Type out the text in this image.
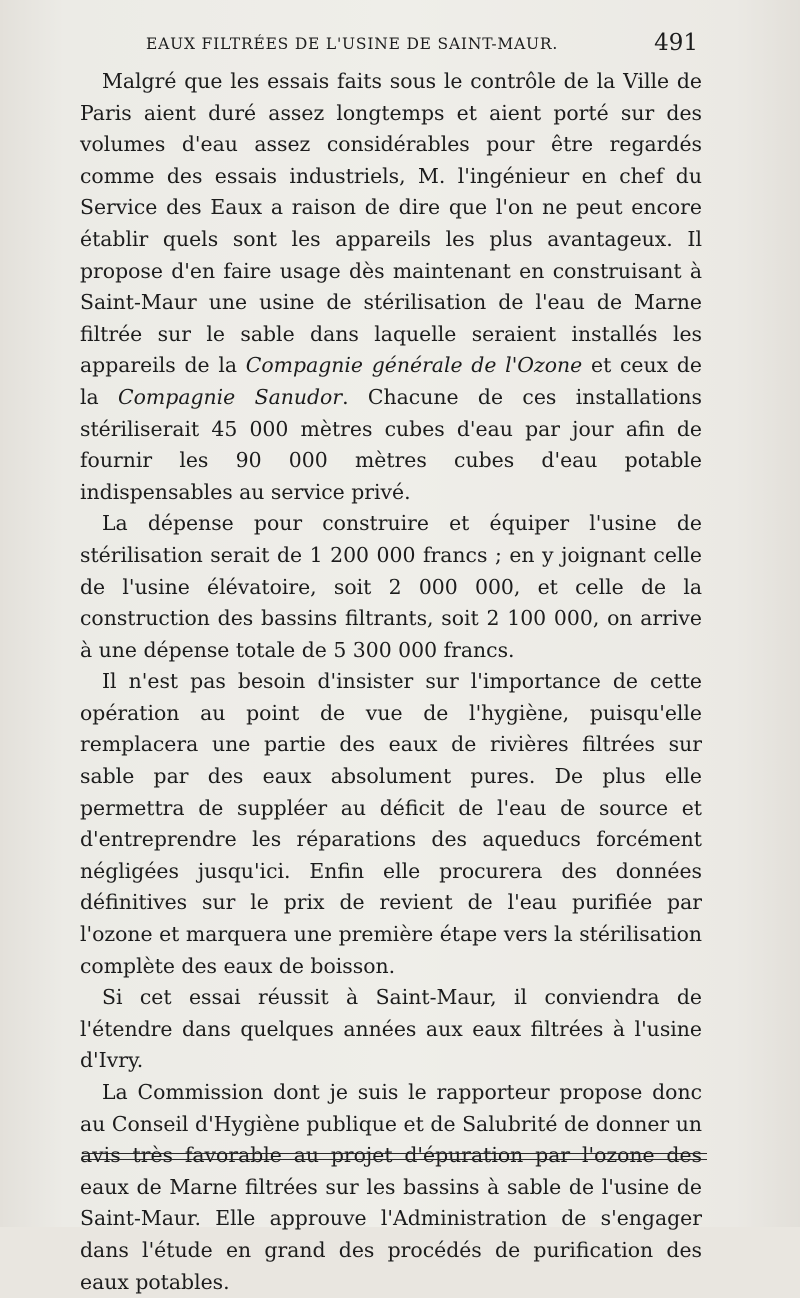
EAUX FILTRÉES DE L'USINE DE SAINT-MAUR.	491

Malgré que les essais faits sous le contrôle de la Ville de Paris aient duré assez longtemps et aient porté sur des volumes d'eau assez considérables pour être regardés comme des essais industriels, M. l'ingénieur en chef du Service des Eaux a raison de dire que l'on ne peut encore établir quels sont les appareils les plus avantageux. Il propose d'en faire usage dès maintenant en construisant à Saint-Maur une usine de stérilisation de l'eau de Marne filtrée sur le sable dans laquelle seraient installés les appareils de la Compagnie générale de l'Ozone et ceux de la Compagnie Sanudor. Chacune de ces installations stériliserait 45 000 mètres cubes d'eau par jour afin de fournir les 90 000 mètres cubes d'eau potable indispensables au service privé.

La dépense pour construire et équiper l'usine de stérilisation serait de 1 200 000 francs ; en y joignant celle de l'usine élévatoire, soit 2 000 000, et celle de la construction des bassins filtrants, soit 2 100 000, on arrive à une dépense totale de 5 300 000 francs.

Il n'est pas besoin d'insister sur l'importance de cette opération au point de vue de l'hygiène, puisqu'elle remplacera une partie des eaux de rivières filtrées sur sable par des eaux absolument pures. De plus elle permettra de suppléer au déficit de l'eau de source et d'entreprendre les réparations des aqueducs forcément négligées jusqu'ici. Enfin elle procurera des données définitives sur le prix de revient de l'eau purifiée par l'ozone et marquera une première étape vers la stérilisation complète des eaux de boisson.

Si cet essai réussit à Saint-Maur, il conviendra de l'étendre dans quelques années aux eaux filtrées à l'usine d'Ivry.

La Commission dont je suis le rapporteur propose donc au Conseil d'Hygiène publique et de Salubrité de donner un avis très favorable au projet d'épuration par l'ozone des eaux de Marne filtrées sur les bassins à sable de l'usine de Saint-Maur. Elle approuve l'Administration de s'engager dans l'étude en grand des procédés de purification des eaux potables.
